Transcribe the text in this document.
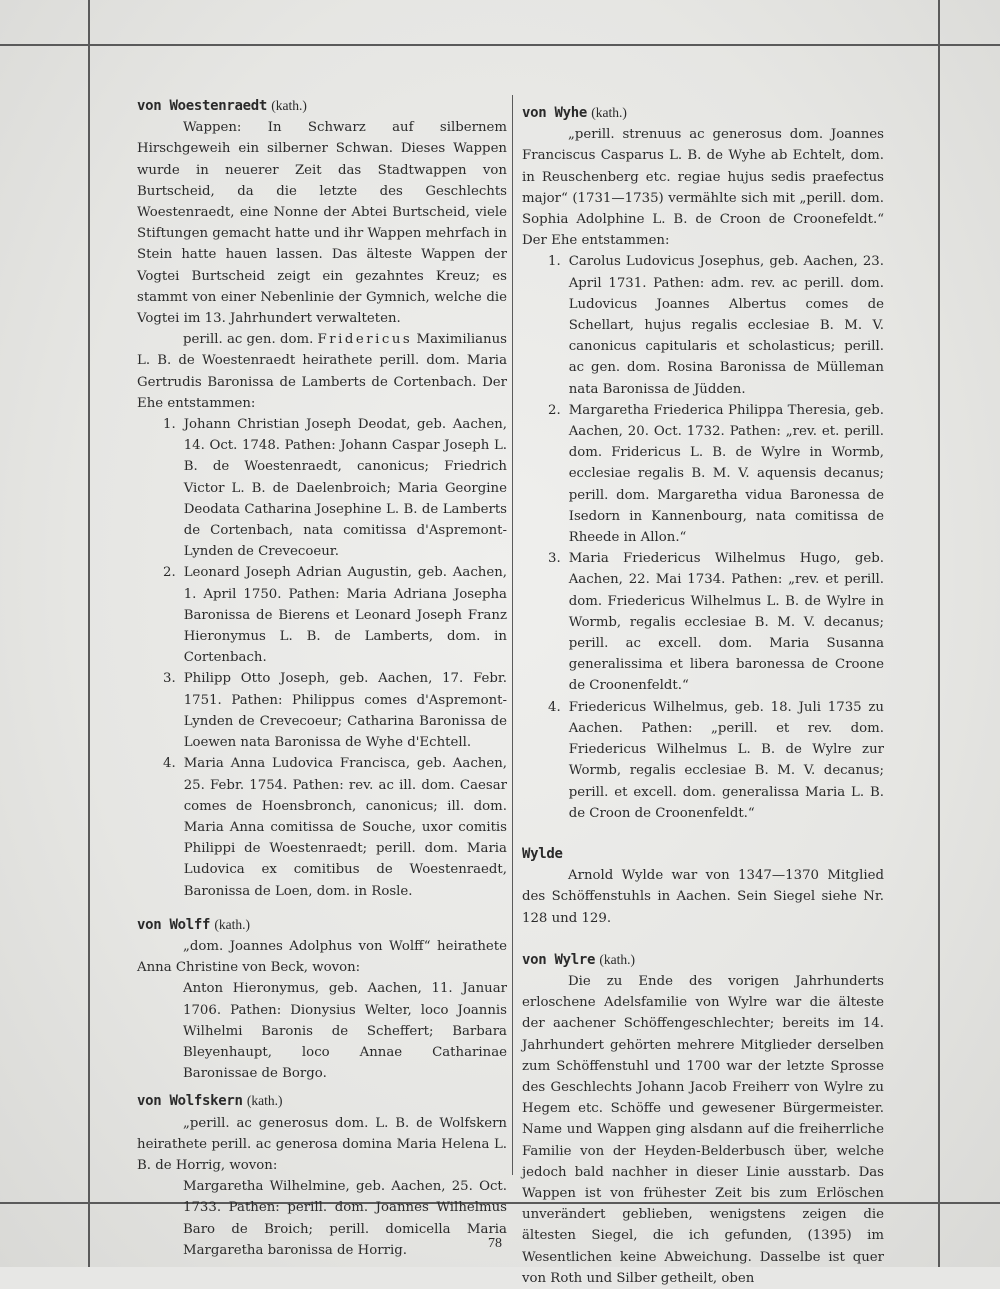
von Woestenraedt (kath.)

Wappen: In Schwarz auf silbernem Hirschgeweih ein silberner Schwan. Dieses Wappen wurde in neuerer Zeit das Stadtwappen von Burtscheid, da die letzte des Geschlechts Woestenraedt, eine Nonne der Abtei Burtscheid, viele Stiftungen gemacht hatte und ihr Wappen mehrfach in Stein hatte hauen lassen. Das älteste Wappen der Vogtei Burtscheid zeigt ein gezahntes Kreuz; es stammt von einer Nebenlinie der Gymnich, welche die Vogtei im 13. Jahrhundert verwalteten.

perill. ac gen. dom. Fridericus Maximilianus L. B. de Woestenraedt heirathete perill. dom. Maria Gertrudis Baronissa de Lamberts de Cortenbach. Der Ehe entstammen:

1. Johann Christian Joseph Deodat, geb. Aachen, 14. Oct. 1748. Pathen: Johann Caspar Joseph L. B. de Woestenraedt, canonicus; Friedrich Victor L. B. de Daelenbroich; Maria Georgine Deodata Catharina Josephine L. B. de Lamberts de Cortenbach, nata comitissa d'Aspremont-Lynden de Crevecoeur.
2. Leonard Joseph Adrian Augustin, geb. Aachen, 1. April 1750. Pathen: Maria Adriana Josepha Baronissa de Bierens et Leonard Joseph Franz Hieronymus L. B. de Lamberts, dom. in Cortenbach.
3. Philipp Otto Joseph, geb. Aachen, 17. Febr. 1751. Pathen: Philippus comes d'Aspremont-Lynden de Crevecoeur; Catharina Baronissa de Loewen nata Baronissa de Wyhe d'Echtell.
4. Maria Anna Ludovica Francisca, geb. Aachen, 25. Febr. 1754. Pathen: rev. ac ill. dom. Caesar comes de Hoensbronch, canonicus; ill. dom. Maria Anna comitissa de Souche, uxor comitis Philippi de Woestenraedt; perill. dom. Maria Ludovica ex comitibus de Woestenraedt, Baronissa de Loen, dom. in Rosle.

von Wolff (kath.)

„dom. Joannes Adolphus von Wolff“ heirathete Anna Christine von Beck, wovon:

Anton Hieronymus, geb. Aachen, 11. Januar 1706. Pathen: Dionysius Welter, loco Joannis Wilhelmi Baronis de Scheffert; Barbara Bleyenhaupt, loco Annae Catharinae Baronissae de Borgo.

von Wolfskern (kath.)

„perill. ac generosus dom. L. B. de Wolfskern heirathete perill. ac generosa domina Maria Helena L. B. de Horrig, wovon:

Margaretha Wilhelmine, geb. Aachen, 25. Oct. 1733. Pathen: perill. dom. Joannes Wilhelmus Baro de Broich; perill. domicella Maria Margaretha baronissa de Horrig.

von Wyhe (kath.)

„perill. strenuus ac generosus dom. Joannes Franciscus Casparus L. B. de Wyhe ab Echtelt, dom. in Reuschenberg etc. regiae hujus sedis praefectus major“ (1731—1735) vermählte sich mit „perill. dom. Sophia Adolphine L. B. de Croon de Croonefeldt.“ Der Ehe entstammen:

1. Carolus Ludovicus Josephus, geb. Aachen, 23. April 1731. Pathen: adm. rev. ac perill. dom. Ludovicus Joannes Albertus comes de Schellart, hujus regalis ecclesiae B. M. V. canonicus capitularis et scholasticus; perill. ac gen. dom. Rosina Baronissa de Mülleman nata Baronissa de Jüdden.
2. Margaretha Friederica Philippa Theresia, geb. Aachen, 20. Oct. 1732. Pathen: „rev. et. perill. dom. Fridericus L. B. de Wylre in Wormb, ecclesiae regalis B. M. V. aquensis decanus; perill. dom. Margaretha vidua Baronessa de Isedorn in Kannenbourg, nata comitissa de Rheede in Allon.“
3. Maria Friedericus Wilhelmus Hugo, geb. Aachen, 22. Mai 1734. Pathen: „rev. et perill. dom. Friedericus Wilhelmus L. B. de Wylre in Wormb, regalis ecclesiae B. M. V. decanus; perill. ac excell. dom. Maria Susanna generalissima et libera baronessa de Croone de Croonenfeldt.“
4. Friedericus Wilhelmus, geb. 18. Juli 1735 zu Aachen. Pathen: „perill. et rev. dom. Friedericus Wilhelmus L. B. de Wylre zur Wormb, regalis ecclesiae B. M. V. decanus; perill. et excell. dom. generalissa Maria L. B. de Croon de Croonenfeldt.“

Wylde

Arnold Wylde war von 1347—1370 Mitglied des Schöffenstuhls in Aachen. Sein Siegel siehe Nr. 128 und 129.

von Wylre (kath.)

Die zu Ende des vorigen Jahrhunderts erloschene Adelsfamilie von Wylre war die älteste der aachener Schöffengeschlechter; bereits im 14. Jahrhundert gehörten mehrere Mitglieder derselben zum Schöffenstuhl und 1700 war der letzte Sprosse des Geschlechts Johann Jacob Freiherr von Wylre zu Hegem etc. Schöffe und gewesener Bürgermeister. Name und Wappen ging alsdann auf die freiherrliche Familie von der Heyden-Belderbusch über, welche jedoch bald nachher in dieser Linie ausstarb. Das Wappen ist von frühester Zeit bis zum Erlöschen unverändert geblieben, wenigstens zeigen die ältesten Siegel, die ich gefunden, (1395) im Wesentlichen keine Abweichung. Dasselbe ist quer von Roth und Silber getheilt, oben

78
